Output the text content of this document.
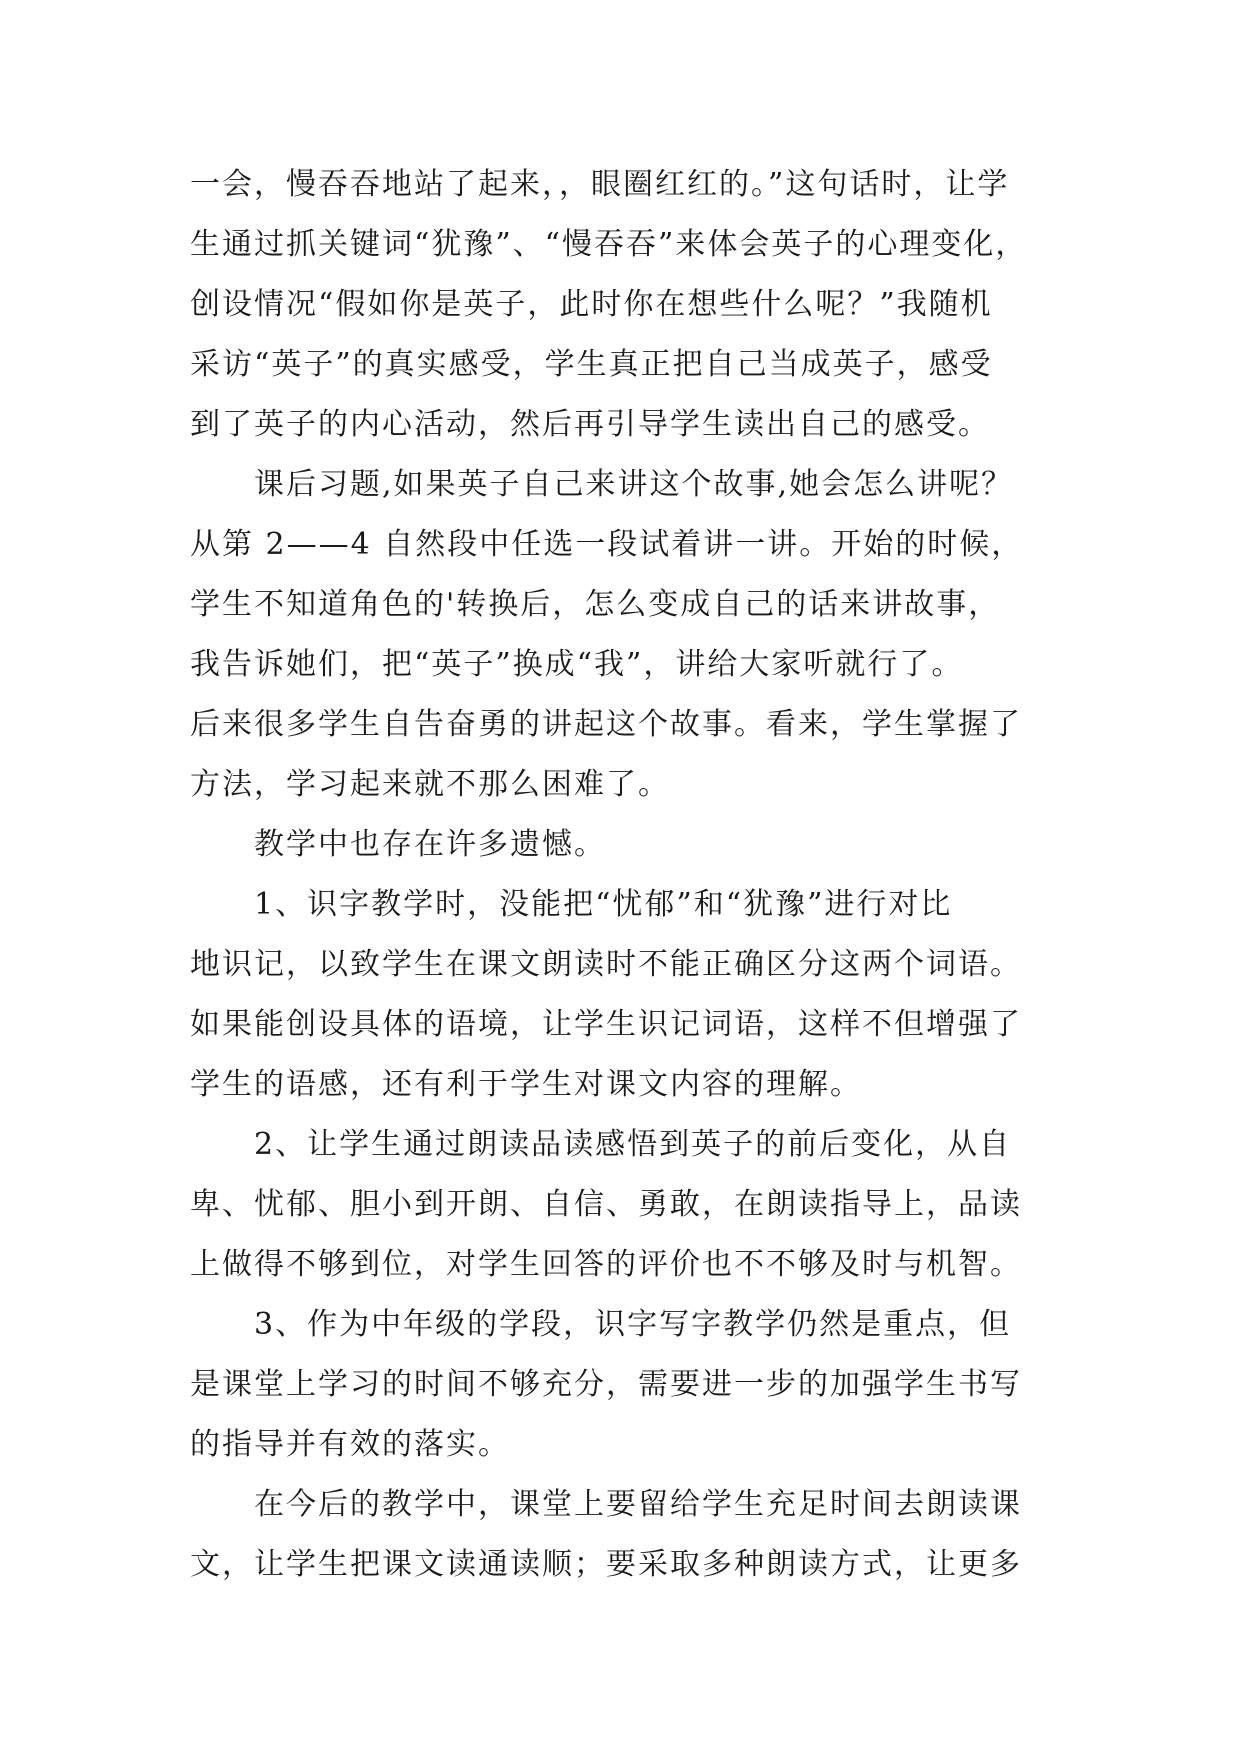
一会，慢吞吞地站了起来，，眼圈红红的。”这句话时，让学
生通过抓关键词“犹豫”、“慢吞吞”来体会英子的心理变化，
创设情况“假如你是英子，此时你在想些什么呢？”我随机
采访“英子”的真实感受，学生真正把自己当成英子，感受
到了英子的内心活动，然后再引导学生读出自己的感受。
课后习题,如果英子自己来讲这个故事,她会怎么讲呢？
从第 2——4 自然段中任选一段试着讲一讲。开始的时候，
学生不知道角色的'转换后，怎么变成自己的话来讲故事，
我告诉她们，把“英子”换成“我”，讲给大家听就行了。
后来很多学生自告奋勇的讲起这个故事。看来，学生掌握了
方法，学习起来就不那么困难了。
教学中也存在许多遗憾。
1、识字教学时，没能把“忧郁”和“犹豫”进行对比
地识记，以致学生在课文朗读时不能正确区分这两个词语。
如果能创设具体的语境，让学生识记词语，这样不但增强了
学生的语感，还有利于学生对课文内容的理解。
2、让学生通过朗读品读感悟到英子的前后变化，从自
卑、忧郁、胆小到开朗、自信、勇敢，在朗读指导上，品读
上做得不够到位，对学生回答的评价也不不够及时与机智。
3、作为中年级的学段，识字写字教学仍然是重点，但
是课堂上学习的时间不够充分，需要进一步的加强学生书写
的指导并有效的落实。
在今后的教学中，课堂上要留给学生充足时间去朗读课
文，让学生把课文读通读顺；要采取多种朗读方式，让更多
